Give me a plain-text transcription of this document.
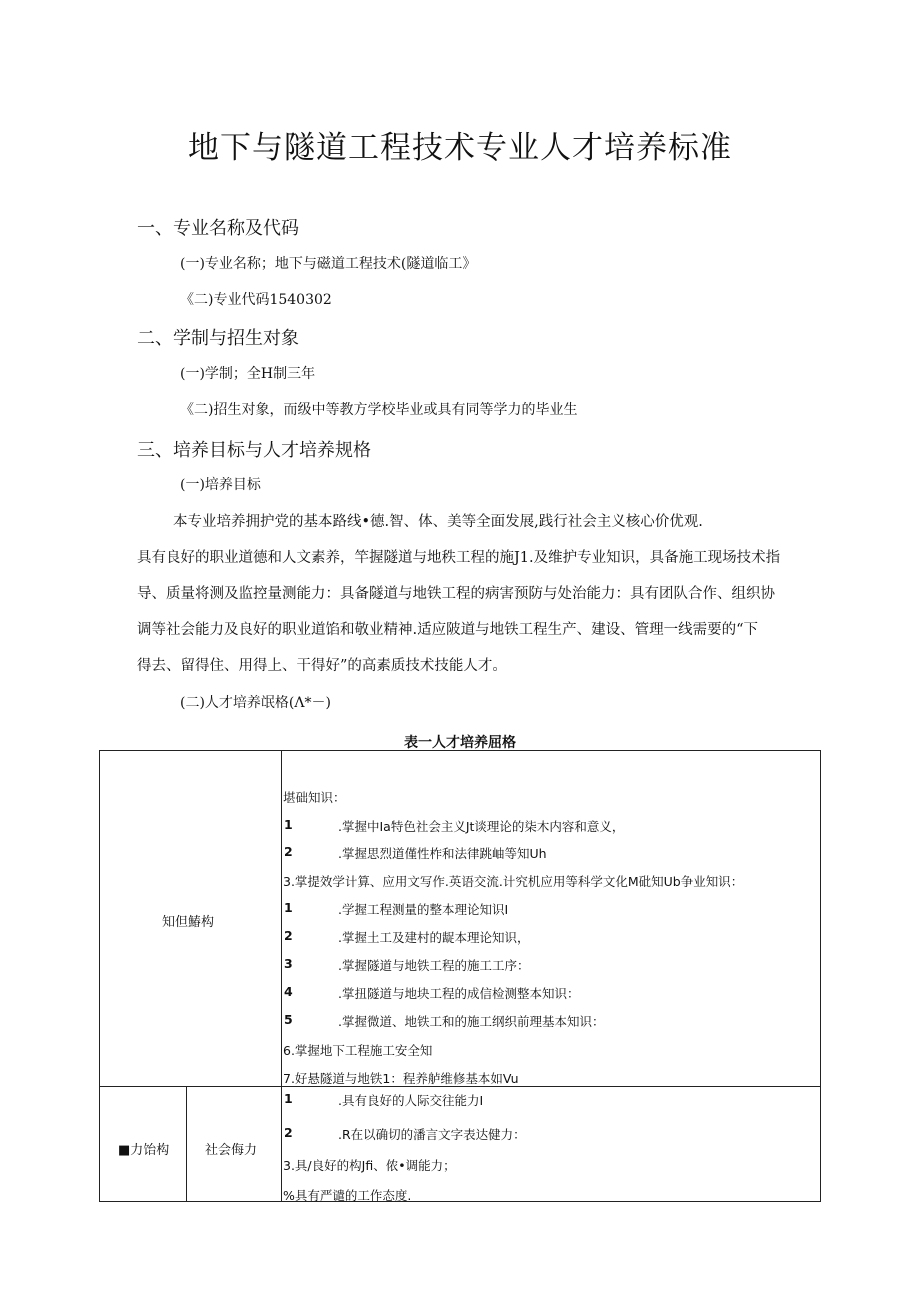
地下与隧道工程技术专业人才培养标准
一、专业名称及代码
(一)专业名称；地下与磁道工程技术(隧道临工》
《二)专业代码1540302
二、学制与招生对象
(一)学制；全H制三年
《二)招生对象，而级中等教方学校毕业或具有同等学力的毕业生
三、培养目标与人才培养规格
(一)培养目标
本专业培养拥护党的基本路线•德.智、体、美等全面发展,践行社会主义核心价优观.
具有良好的职业道德和人文素养，竿握隧道与地秩工程的施J1.及维护专业知识，具备施工现场技术指
导、质量将测及监控量测能力：具备隧道与地铁工程的病害预防与处治能力：具有团队合作、组织协
调等社会能力及良好的职业道馅和敬业精神.适应陂道与地铁工程生产、建设、管理一线需要的“下
得去、留得住、用得上、干得好”的高素质技术技能人才。
(二)人才培养氓格(Λ*－)
表一人才培养屈格
知但鰆构
堪础知识：
1	.掌握中Ia特色社会主义Jt谈理论的柒木内容和意义，
2	.掌握思烈道僅性柞和法律跳岫等知Uh
3.掌提效学计算、应用文写作.英语交流.计究机应用等科学文化M砒知Ub争业知识：
1	.学握工程测量的整本理论知识I
2	.掌握土工及建村的龊本理论知识，
3	.掌握隧道与地铁工程的施工工序：
4	.掌扭隧道与地块工程的成信检测整本知识：
5	.掌握微道、地铁工和的施工纲织前理基本知识：
6.掌握地下工程施工安全知
7.好悬隧道与地铁1：程养舻维修基本如Vu
■力饴构	社会侮力
1	.具有良好的人际交往能力I
2	.R在以确切的潘言文字表达健力：
3.具/良好的构Jfi、侬•调能力；
%具有严谴的工作态度.
